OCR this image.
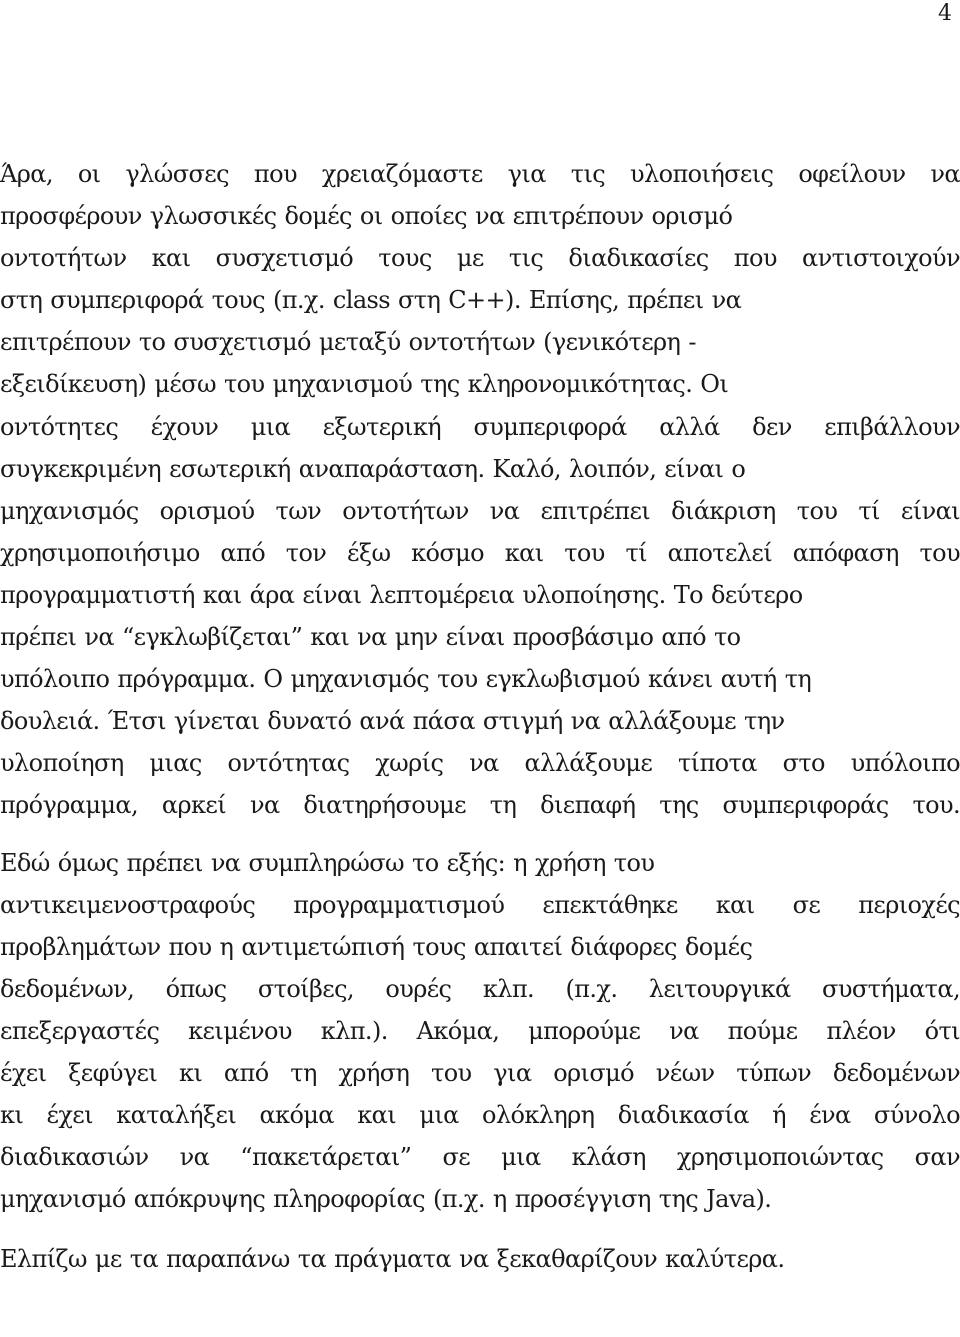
4
Άρα, οι γλώσσες που χρειαζόμαστε για τις υλοποιήσεις οφείλουν να
προσφέρουν γλωσσικές δομές οι οποίες να επιτρέπουν ορισμό
οντοτήτων και συσχετισμό τους με τις διαδικασίες που αντιστοιχούν
στη συμπεριφορά τους (π.χ. class στη C++). Επίσης, πρέπει να
επιτρέπουν το συσχετισμό μεταξύ οντοτήτων (γενικότερη -
εξειδίκευση) μέσω του μηχανισμού της κληρονομικότητας. Οι
οντότητες έχουν μια εξωτερική συμπεριφορά αλλά δεν επιβάλλουν
συγκεκριμένη εσωτερική αναπαράσταση. Καλό, λοιπόν, είναι ο
μηχανισμός ορισμού των οντοτήτων να επιτρέπει διάκριση του τί είναι
χρησιμοποιήσιμο από τον έξω κόσμο και του τί αποτελεί απόφαση του
προγραμματιστή και άρα είναι λεπτομέρεια υλοποίησης. Το δεύτερο
πρέπει να “εγκλωβίζεται” και να μην είναι προσβάσιμο από το
υπόλοιπο πρόγραμμα. Ο μηχανισμός του εγκλωβισμού κάνει αυτή τη
δουλειά. Έτσι γίνεται δυνατό ανά πάσα στιγμή να αλλάξουμε την
υλοποίηση μιας οντότητας χωρίς να αλλάξουμε τίποτα στο υπόλοιπο
πρόγραμμα, αρκεί να διατηρήσουμε τη διεπαφή της συμπεριφοράς του.
Εδώ όμως πρέπει να συμπληρώσω το εξής: η χρήση του
αντικειμενοστραφούς προγραμματισμού επεκτάθηκε και σε περιοχές
προβλημάτων που η αντιμετώπισή τους απαιτεί διάφορες δομές
δεδομένων, όπως στοίβες, ουρές κλπ. (π.χ. λειτουργικά συστήματα,
επεξεργαστές κειμένου κλπ.). Ακόμα, μπορούμε να πούμε πλέον ότι
έχει ξεφύγει κι από τη χρήση του για ορισμό νέων τύπων δεδομένων
κι έχει καταλήξει ακόμα και μια ολόκληρη διαδικασία ή ένα σύνολο
διαδικασιών να “πακετάρεται” σε μια κλάση χρησιμοποιώντας σαν
μηχανισμό απόκρυψης πληροφορίας (π.χ. η προσέγγιση της Java).
Ελπίζω με τα παραπάνω τα πράγματα να ξεκαθαρίζουν καλύτερα.
